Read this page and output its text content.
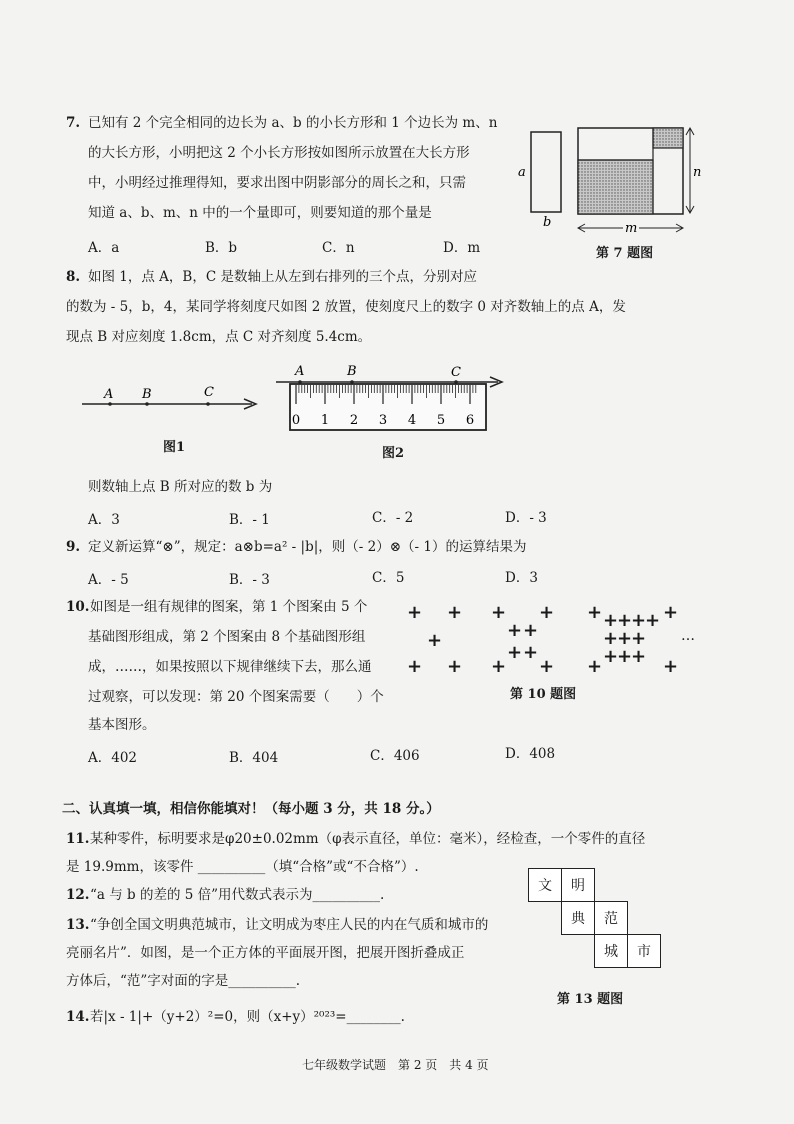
7. 已知有 2 个完全相同的边长为 a、b 的小长方形和 1 个边长为 m、n
的大长方形，小明把这 2 个小长方形按如图所示放置在大长方形
中，小明经过推理得知，要求出图中阴影部分的周长之和，只需
知道 a、b、m、n 中的一个量即可，则要知道的那个量是
A．a	B．b	C．n	D．m
a
b
n
m
第 7 题图
8. 如图 1，点 A，B，C 是数轴上从左到右排列的三个点，分别对应
的数为 - 5，b，4，某同学将刻度尺如图 2 放置，使刻度尺上的数字 0 对齐数轴上的点 A，发
现点 B 对应刻度 1.8cm，点 C 对齐刻度 5.4cm。
A B	C
图1
A	B	C
0 1 2 3 4 5 6
图2
则数轴上点 B 所对应的数 b 为
A．3	B．- 1	C．- 2	D．- 3
9. 定义新运算“⊗”，规定：a⊗b=a² - |b|，则（- 2）⊗（- 1）的运算结果为
A．- 5	B．- 3	C．5	D．3
10. 如图是一组有规律的图案，第 1 个图案由 5 个
基础图形组成，第 2 个图案由 8 个基础图形组
成，……，如果按照以下规律继续下去，那么通
过观察，可以发现：第 20 个图案需要（　　）个
基本图形。
+ +
+
+ +
+ +
+ +
+ +
+ +
+	+
+
+
+
+
+
+
+
+
+
+
+	+
…
第 10 题图
A．402	B．404	C．406	D．408
二、认真填一填，相信你能填对！（每小题 3 分，共 18 分。）
11. 某种零件，标明要求是φ20±0.02mm（φ表示直径，单位：毫米），经检查，一个零件的直径
是 19.9mm，该零件 __________（填“合格”或“不合格”）.
12. “a 与 b 的差的 5 倍”用代数式表示为__________.
13. “争创全国文明典范城市，让文明成为枣庄人民的内在气质和城市的
亮丽名片”．如图，是一个正方体的平面展开图，把展开图折叠成正
方体后，“范”字对面的字是__________.
文	明
典	范
城	市
第 13 题图
14. 若|x - 1|+（y+2）²=0，则（x+y）²⁰²³=________.
七年级数学试题　第 2 页　共 4 页
